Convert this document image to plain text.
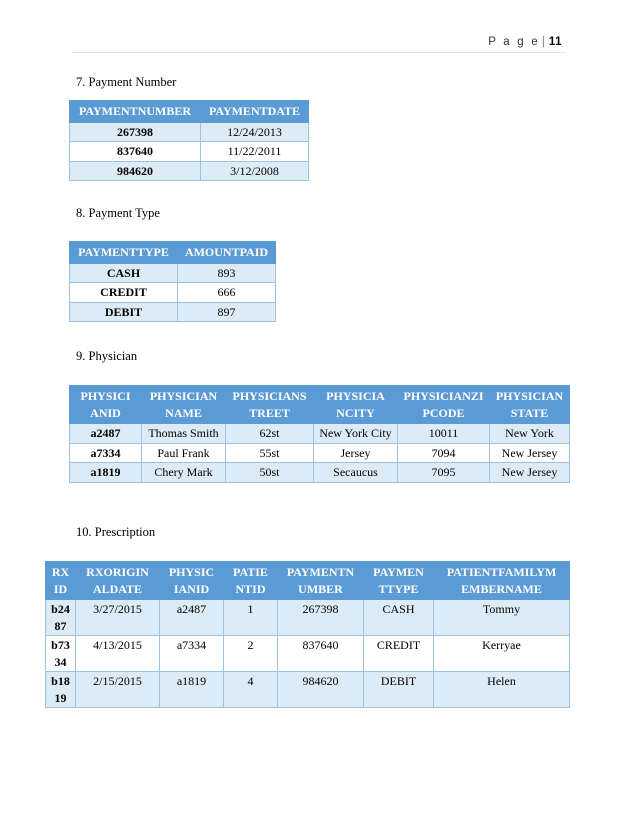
P a g e | 11
7. Payment Number
PAYMENTNUMBER	PAYMENTDATE
267398	12/24/2013
837640	11/22/2011
984620	3/12/2008
8. Payment Type
PAYMENTTYPE	AMOUNTPAID
CASH	893
CREDIT	666
DEBIT	897
9. Physician
PHYSICI ANID	PHYSICIAN NAME	PHYSICIANS TREET	PHYSICIA NCITY	PHYSICIANZI PCODE	PHYSICIAN STATE
a2487	Thomas Smith	62st	New York City	10011	New York
a7334	Paul Frank	55st	Jersey	7094	New Jersey
a1819	Chery Mark	50st	Secaucus	7095	New Jersey
10. Prescription
RX ID	RXORIGIN ALDATE	PHYSIC IANID	PATIE NTID	PAYMENTN UMBER	PAYMEN TTYPE	PATIENTFAMILYM EMBERNAME
b24 87	3/27/2015	a2487	1	267398	CASH	Tommy
b73 34	4/13/2015	a7334	2	837640	CREDIT	Kerryae
b18 19	2/15/2015	a1819	4	984620	DEBIT	Helen
